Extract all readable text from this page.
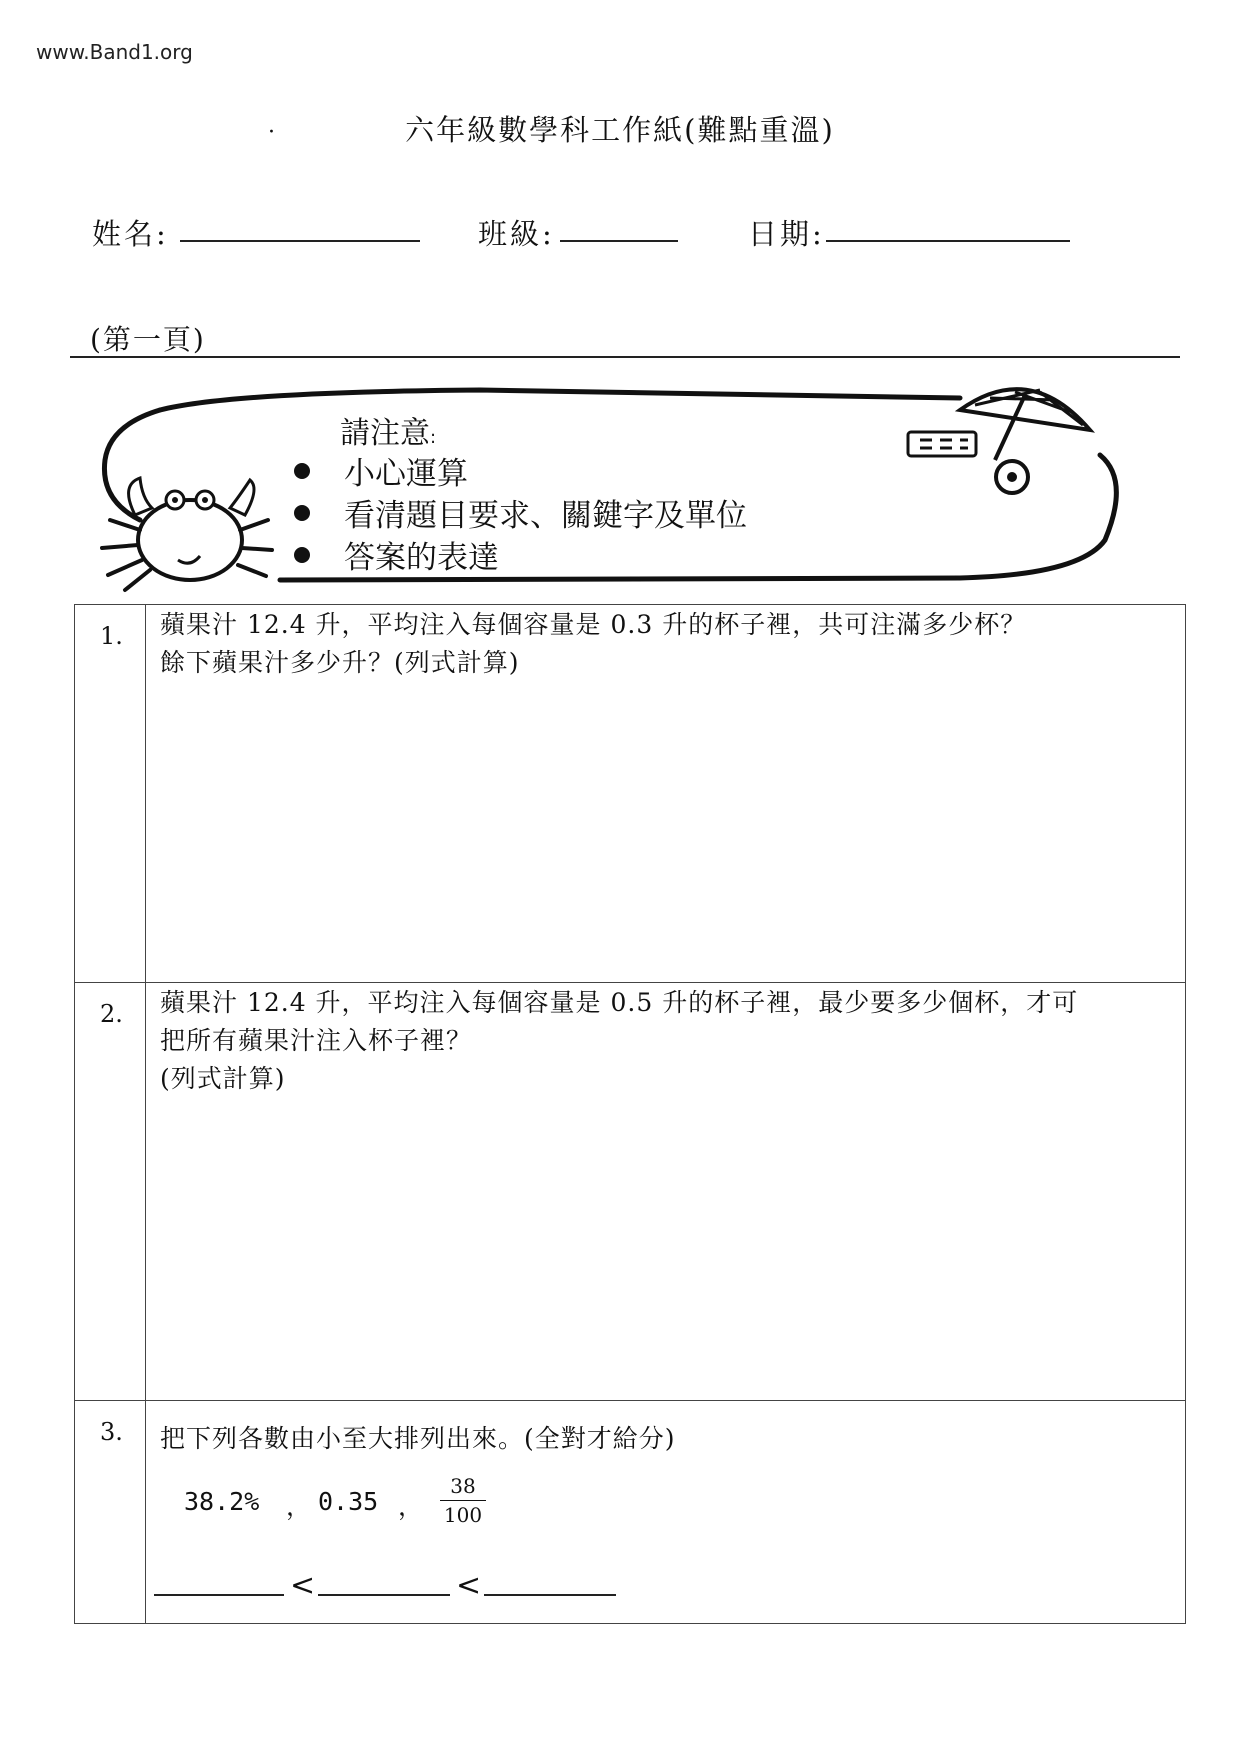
www.Band1.org
·	六年級數學科工作紙(難點重溫)
姓名:	班級:	日期:
(第一頁)
請注意:
小心運算
看清題目要求、關鍵字及單位
答案的表達
1. 蘋果汁 12.4 升，平均注入每個容量是 0.3 升的杯子裡，共可注滿多少杯？
餘下蘋果汁多少升？(列式計算)
2. 蘋果汁 12.4 升，平均注入每個容量是 0.5 升的杯子裡，最少要多少個杯，才可
把所有蘋果汁注入杯子裡？
(列式計算)
3. 把下列各數由小至大排列出來。(全對才給分)
38.2% ， 0.35 ， $\frac{38}{100}$
<	<
